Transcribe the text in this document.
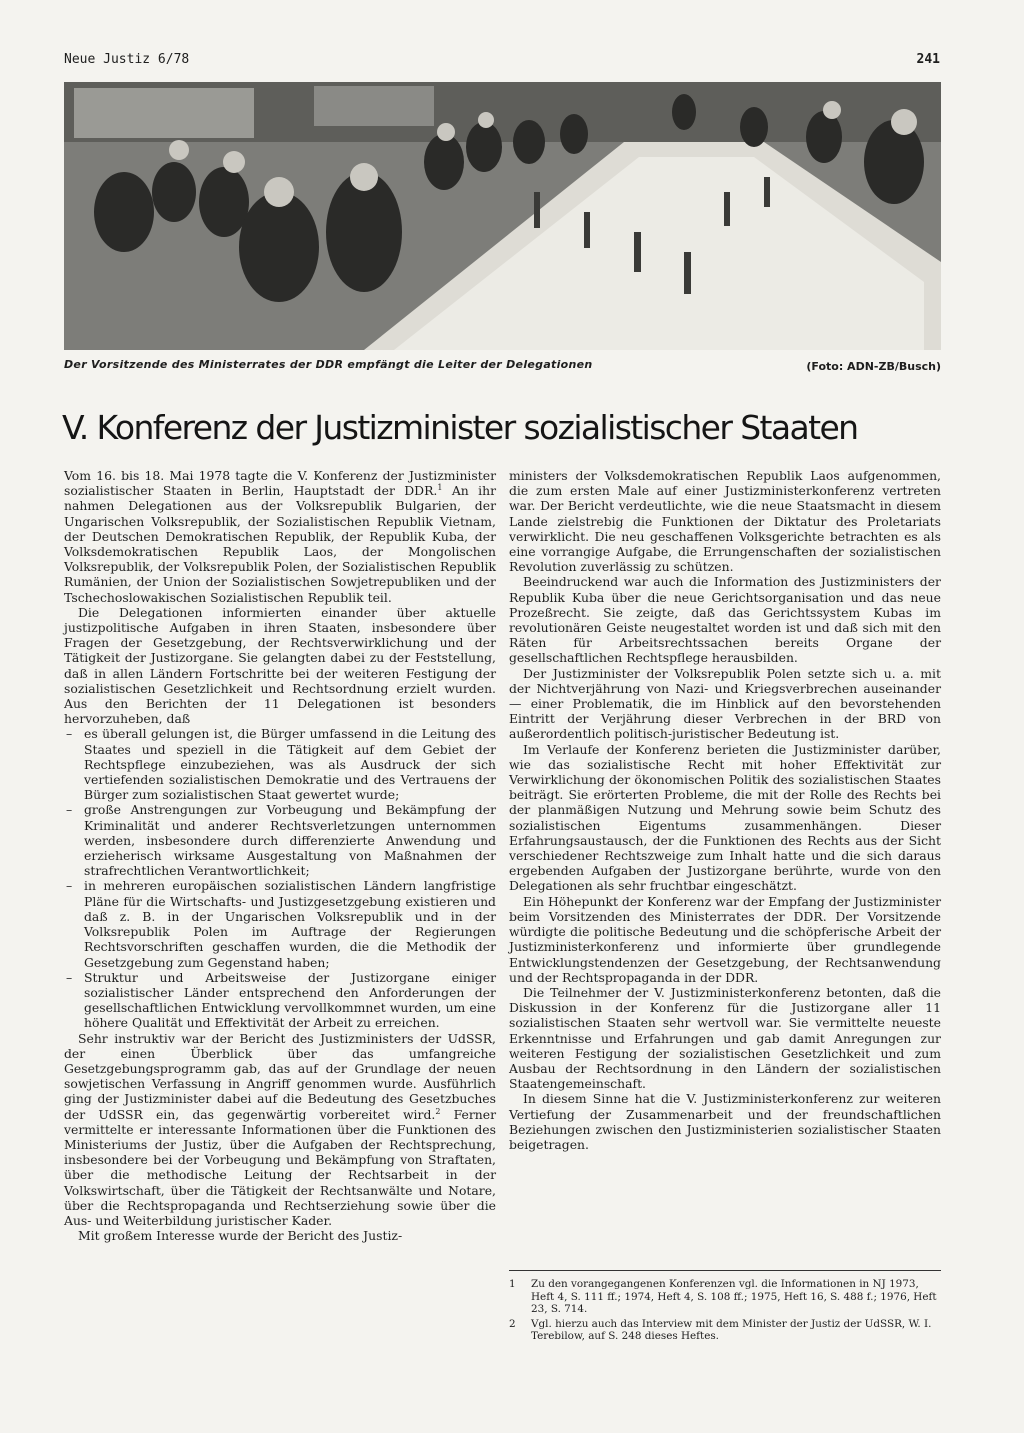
Neue Justiz 6/78	241
Der Vorsitzende des Ministerrates der DDR empfängt die Leiter der Delegationen	(Foto: ADN-ZB/Busch)
V. Konferenz der Justizminister sozialistischer Staaten

Vom 16. bis 18. Mai 1978 tagte die V. Konferenz der Justizminister sozialistischer Staaten in Berlin, Hauptstadt der DDR.$^1$ An ihr nahmen Delegationen aus der Volksrepublik Bulgarien, der Ungarischen Volksrepublik, der Sozialistischen Republik Vietnam, der Deutschen Demokratischen Republik, der Republik Kuba, der Volksdemokratischen Republik Laos, der Mongolischen Volksrepublik, der Volksrepublik Polen, der Sozialistischen Republik Rumänien, der Union der Sozialistischen Sowjetrepubliken und der Tschechoslowakischen Sozialistischen Republik teil.

Die Delegationen informierten einander über aktuelle justizpolitische Aufgaben in ihren Staaten, insbesondere über Fragen der Gesetzgebung, der Rechtsverwirklichung und der Tätigkeit der Justizorgane. Sie gelangten dabei zu der Feststellung, daß in allen Ländern Fortschritte bei der weiteren Festigung der sozialistischen Gesetzlichkeit und Rechtsordnung erzielt wurden. Aus den Berichten der 11 Delegationen ist besonders hervorzuheben, daß

– es überall gelungen ist, die Bürger umfassend in die Leitung des Staates und speziell in die Tätigkeit auf dem Gebiet der Rechtspflege einzubeziehen, was als Ausdruck der sich vertiefenden sozialistischen Demokratie und des Vertrauens der Bürger zum sozialistischen Staat gewertet wurde;
– große Anstrengungen zur Vorbeugung und Bekämpfung der Kriminalität und anderer Rechtsverletzungen unternommen werden, insbesondere durch differenzierte Anwendung und erzieherisch wirksame Ausgestaltung von Maßnahmen der strafrechtlichen Verantwortlichkeit;
– in mehreren europäischen sozialistischen Ländern langfristige Pläne für die Wirtschafts- und Justizgesetzgebung existieren und daß z. B. in der Ungarischen Volksrepublik und in der Volksrepublik Polen im Auftrage der Regierungen Rechtsvorschriften geschaffen wurden, die die Methodik der Gesetzgebung zum Gegenstand haben;
– Struktur und Arbeitsweise der Justizorgane einiger sozialistischer Länder entsprechend den Anforderungen der gesellschaftlichen Entwicklung vervollkommnet wurden, um eine höhere Qualität und Effektivität der Arbeit zu erreichen.

Sehr instruktiv war der Bericht des Justizministers der UdSSR, der einen Überblick über das umfangreiche Gesetzgebungsprogramm gab, das auf der Grundlage der neuen sowjetischen Verfassung in Angriff genommen wurde. Ausführlich ging der Justizminister dabei auf die Bedeutung des Gesetzbuches der UdSSR ein, das gegenwärtig vorbereitet wird.$^2$ Ferner vermittelte er interessante Informationen über die Funktionen des Ministeriums der Justiz, über die Aufgaben der Rechtsprechung, insbesondere bei der Vorbeugung und Bekämpfung von Straftaten, über die methodische Leitung der Rechtsarbeit in der Volkswirtschaft, über die Tätigkeit der Rechtsanwälte und Notare, über die Rechtspropaganda und Rechtserziehung sowie über die Aus- und Weiterbildung juristischer Kader.

Mit großem Interesse wurde der Bericht des Justiz-

ministers der Volksdemokratischen Republik Laos aufgenommen, die zum ersten Male auf einer Justizministerkonferenz vertreten war. Der Bericht verdeutlichte, wie die neue Staatsmacht in diesem Lande zielstrebig die Funktionen der Diktatur des Proletariats verwirklicht. Die neu geschaffenen Volksgerichte betrachten es als eine vorrangige Aufgabe, die Errungenschaften der sozialistischen Revolution zuverlässig zu schützen.

Beeindruckend war auch die Information des Justizministers der Republik Kuba über die neue Gerichtsorganisation und das neue Prozeßrecht. Sie zeigte, daß das Gerichtssystem Kubas im revolutionären Geiste neugestaltet worden ist und daß sich mit den Räten für Arbeitsrechtssachen bereits Organe der gesellschaftlichen Rechtspflege herausbilden.

Der Justizminister der Volksrepublik Polen setzte sich u. a. mit der Nichtverjährung von Nazi- und Kriegsverbrechen auseinander — einer Problematik, die im Hinblick auf den bevorstehenden Eintritt der Verjährung dieser Verbrechen in der BRD von außerordentlich politisch-juristischer Bedeutung ist.

Im Verlaufe der Konferenz berieten die Justizminister darüber, wie das sozialistische Recht mit hoher Effektivität zur Verwirklichung der ökonomischen Politik des sozialistischen Staates beiträgt. Sie erörterten Probleme, die mit der Rolle des Rechts bei der planmäßigen Nutzung und Mehrung sowie beim Schutz des sozialistischen Eigentums zusammenhängen. Dieser Erfahrungsaustausch, der die Funktionen des Rechts aus der Sicht verschiedener Rechtszweige zum Inhalt hatte und die sich daraus ergebenden Aufgaben der Justizorgane berührte, wurde von den Delegationen als sehr fruchtbar eingeschätzt.

Ein Höhepunkt der Konferenz war der Empfang der Justizminister beim Vorsitzenden des Ministerrates der DDR. Der Vorsitzende würdigte die politische Bedeutung und die schöpferische Arbeit der Justizministerkonferenz und informierte über grundlegende Entwicklungstendenzen der Gesetzgebung, der Rechtsanwendung und der Rechtspropaganda in der DDR.

Die Teilnehmer der V. Justizministerkonferenz betonten, daß die Diskussion in der Konferenz für die Justizorgane aller 11 sozialistischen Staaten sehr wertvoll war. Sie vermittelte neueste Erkenntnisse und Erfahrungen und gab damit Anregungen zur weiteren Festigung der sozialistischen Gesetzlichkeit und zum Ausbau der Rechtsordnung in den Ländern der sozialistischen Staatengemeinschaft.

In diesem Sinne hat die V. Justizministerkonferenz zur weiteren Vertiefung der Zusammenarbeit und der freundschaftlichen Beziehungen zwischen den Justizministerien sozialistischer Staaten beigetragen.

1 Zu den vorangegangenen Konferenzen vgl. die Informationen in NJ 1973, Heft 4, S. 111 ff.; 1974, Heft 4, S. 108 ff.; 1975, Heft 16, S. 488 f.; 1976, Heft 23, S. 714.
2 Vgl. hierzu auch das Interview mit dem Minister der Justiz der UdSSR, W. I. Terebilow, auf S. 248 dieses Heftes.
